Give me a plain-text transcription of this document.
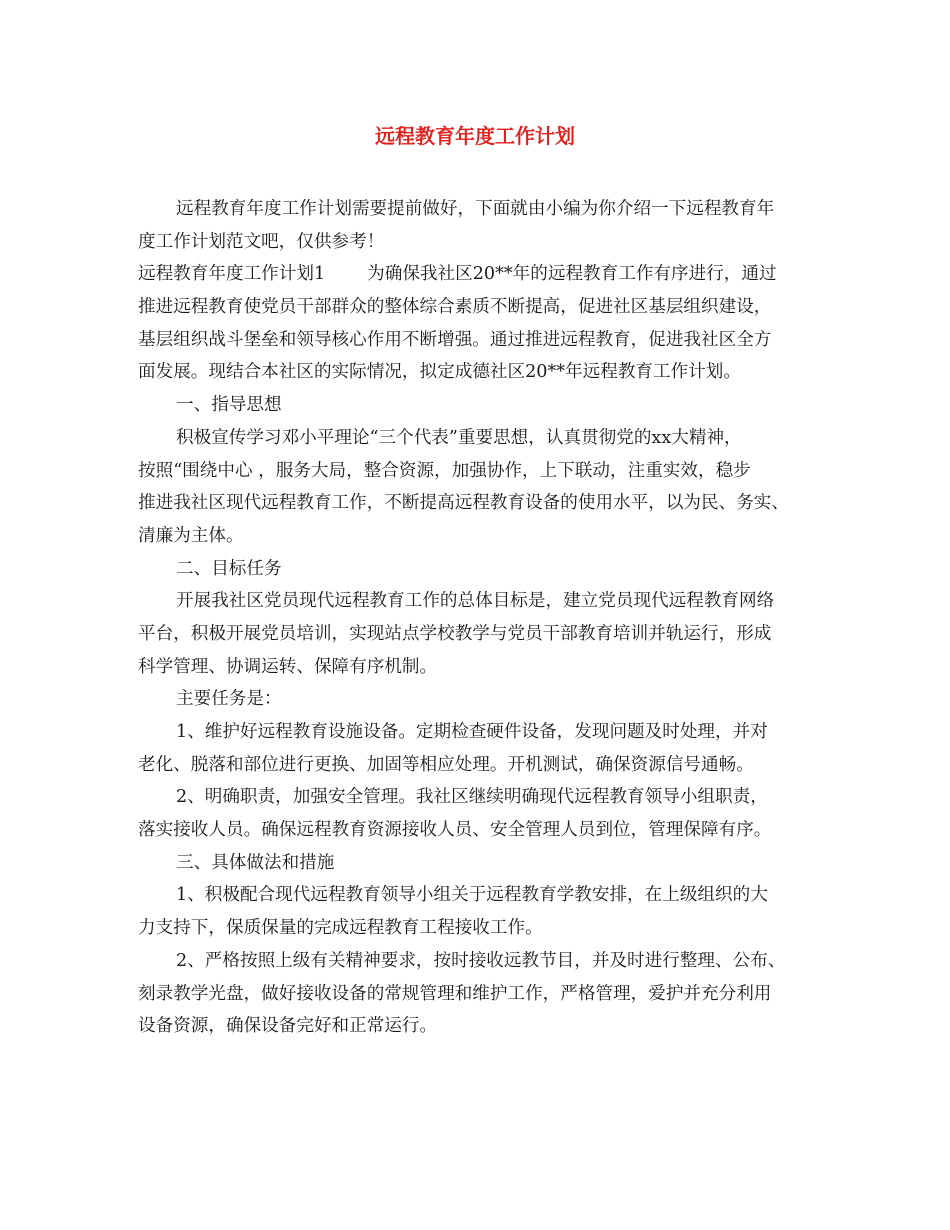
远程教育年度工作计划
远程教育年度工作计划需要提前做好，下面就由小编为你介绍一下远程教育年
度工作计划范文吧，仅供参考！
远程教育年度工作计划1 为确保我社区20**年的远程教育工作有序进行，通过
推进远程教育使党员干部群众的整体综合素质不断提高，促进社区基层组织建设，
基层组织战斗堡垒和领导核心作用不断增强。通过推进远程教育，促进我社区全方
面发展。现结合本社区的实际情况，拟定成德社区20**年远程教育工作计划。
一、指导思想
积极宣传学习邓小平理论“三个代表”重要思想，认真贯彻党的xx大精神，
按照“围绕中心 ，服务大局，整合资源，加强协作，上下联动，注重实效，稳步
推进我社区现代远程教育工作，不断提高远程教育设备的使用水平，以为民、务实、
清廉为主体。
二、目标任务
开展我社区党员现代远程教育工作的总体目标是，建立党员现代远程教育网络
平台，积极开展党员培训，实现站点学校教学与党员干部教育培训并轨运行，形成
科学管理、协调运转、保障有序机制。
主要任务是：
1、维护好远程教育设施设备。定期检查硬件设备，发现问题及时处理，并对
老化、脱落和部位进行更换、加固等相应处理。开机测试，确保资源信号通畅。
2、明确职责，加强安全管理。我社区继续明确现代远程教育领导小组职责，
落实接收人员。确保远程教育资源接收人员、安全管理人员到位，管理保障有序。
三、具体做法和措施
1、积极配合现代远程教育领导小组关于远程教育学教安排，在上级组织的大
力支持下，保质保量的完成远程教育工程接收工作。
2、严格按照上级有关精神要求，按时接收远教节目，并及时进行整理、公布、
刻录教学光盘，做好接收设备的常规管理和维护工作，严格管理，爱护并充分利用
设备资源，确保设备完好和正常运行。
